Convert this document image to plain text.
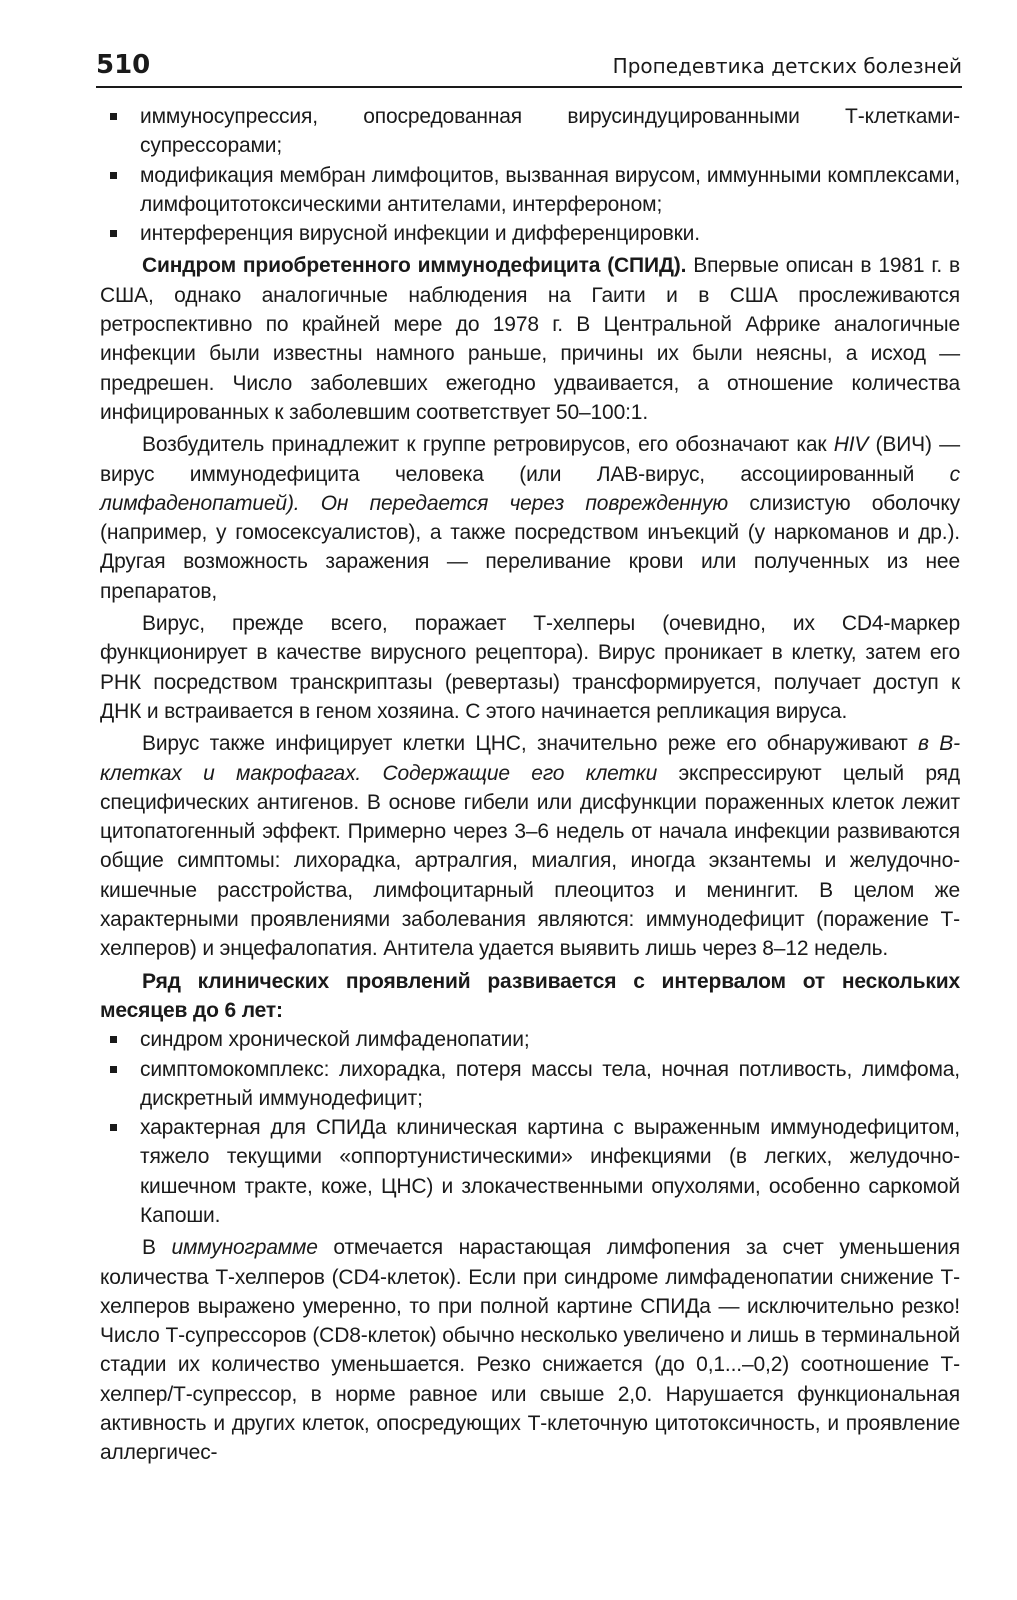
510	Пропедевтика детских болезней
иммуносупрессия, опосредованная вирусиндуцированными Т-клетками-супрессорами;
модификация мембран лимфоцитов, вызванная вирусом, иммунными комплексами, лимфоцитотоксическими антителами, интерфероном;
интерференция вирусной инфекции и дифференцировки.

Синдром приобретенного иммунодефицита (СПИД). Впервые описан в 1981 г. в США, однако аналогичные наблюдения на Гаити и в США прослеживаются ретроспективно по крайней мере до 1978 г. В Центральной Африке аналогичные инфекции были известны намного раньше, причины их были неясны, а исход — предрешен. Число заболевших ежегодно удваивается, а отношение количества инфицированных к заболевшим соответствует 50–100:1.

Возбудитель принадлежит к группе ретровирусов, его обозначают как HIV (ВИЧ) — вирус иммунодефицита человека (или ЛАВ-вирус, ассоциированный с лимфаденопатией). Он передается через поврежденную слизистую оболочку (например, у гомосексуалистов), а также посредством инъекций (у наркоманов и др.). Другая возможность заражения — переливание крови или полученных из нее препаратов,

Вирус, прежде всего, поражает Т-хелперы (очевидно, их CD4-маркер функционирует в качестве вирусного рецептора). Вирус проникает в клетку, затем его РНК посредством транскриптазы (ревертазы) трансформируется, получает доступ к ДНК и встраивается в геном хозяина. С этого начинается репликация вируса.

Вирус также инфицирует клетки ЦНС, значительно реже его обнаруживают в В-клетках и макрофагах. Содержащие его клетки экспрессируют целый ряд специфических антигенов. В основе гибели или дисфункции пораженных клеток лежит цитопатогенный эффект. Примерно через 3–6 недель от начала инфекции развиваются общие симптомы: лихорадка, артралгия, миалгия, иногда экзантемы и желудочно-кишечные расстройства, лимфоцитарный плеоцитоз и менингит. В целом же характерными проявлениями заболевания являются: иммунодефицит (поражение Т-хелперов) и энцефалопатия. Антитела удается выявить лишь через 8–12 недель.

Ряд клинических проявлений развивается с интервалом от нескольких месяцев до 6 лет:

синдром хронической лимфаденопатии;
симптомокомплекс: лихорадка, потеря массы тела, ночная потливость, лимфома, дискретный иммунодефицит;
характерная для СПИДа клиническая картина с выраженным иммунодефицитом, тяжело текущими «оппортунистическими» инфекциями (в легких, желудочно-кишечном тракте, коже, ЦНС) и злокачественными опухолями, особенно саркомой Капоши.

В иммунограмме отмечается нарастающая лимфопения за счет уменьшения количества Т-хелперов (CD4-клеток). Если при синдроме лимфаденопатии снижение Т-хелперов выражено умеренно, то при полной картине СПИДа — исключительно резко! Число Т-супрессоров (CD8-клеток) обычно несколько увеличено и лишь в терминальной стадии их количество уменьшается. Резко снижается (до 0,1...–0,2) соотношение Т-хелпер/Т-супрессор, в норме равное или свыше 2,0. Нарушается функциональная активность и других клеток, опосредующих Т-клеточную цитотоксичность, и проявление аллергичес-
